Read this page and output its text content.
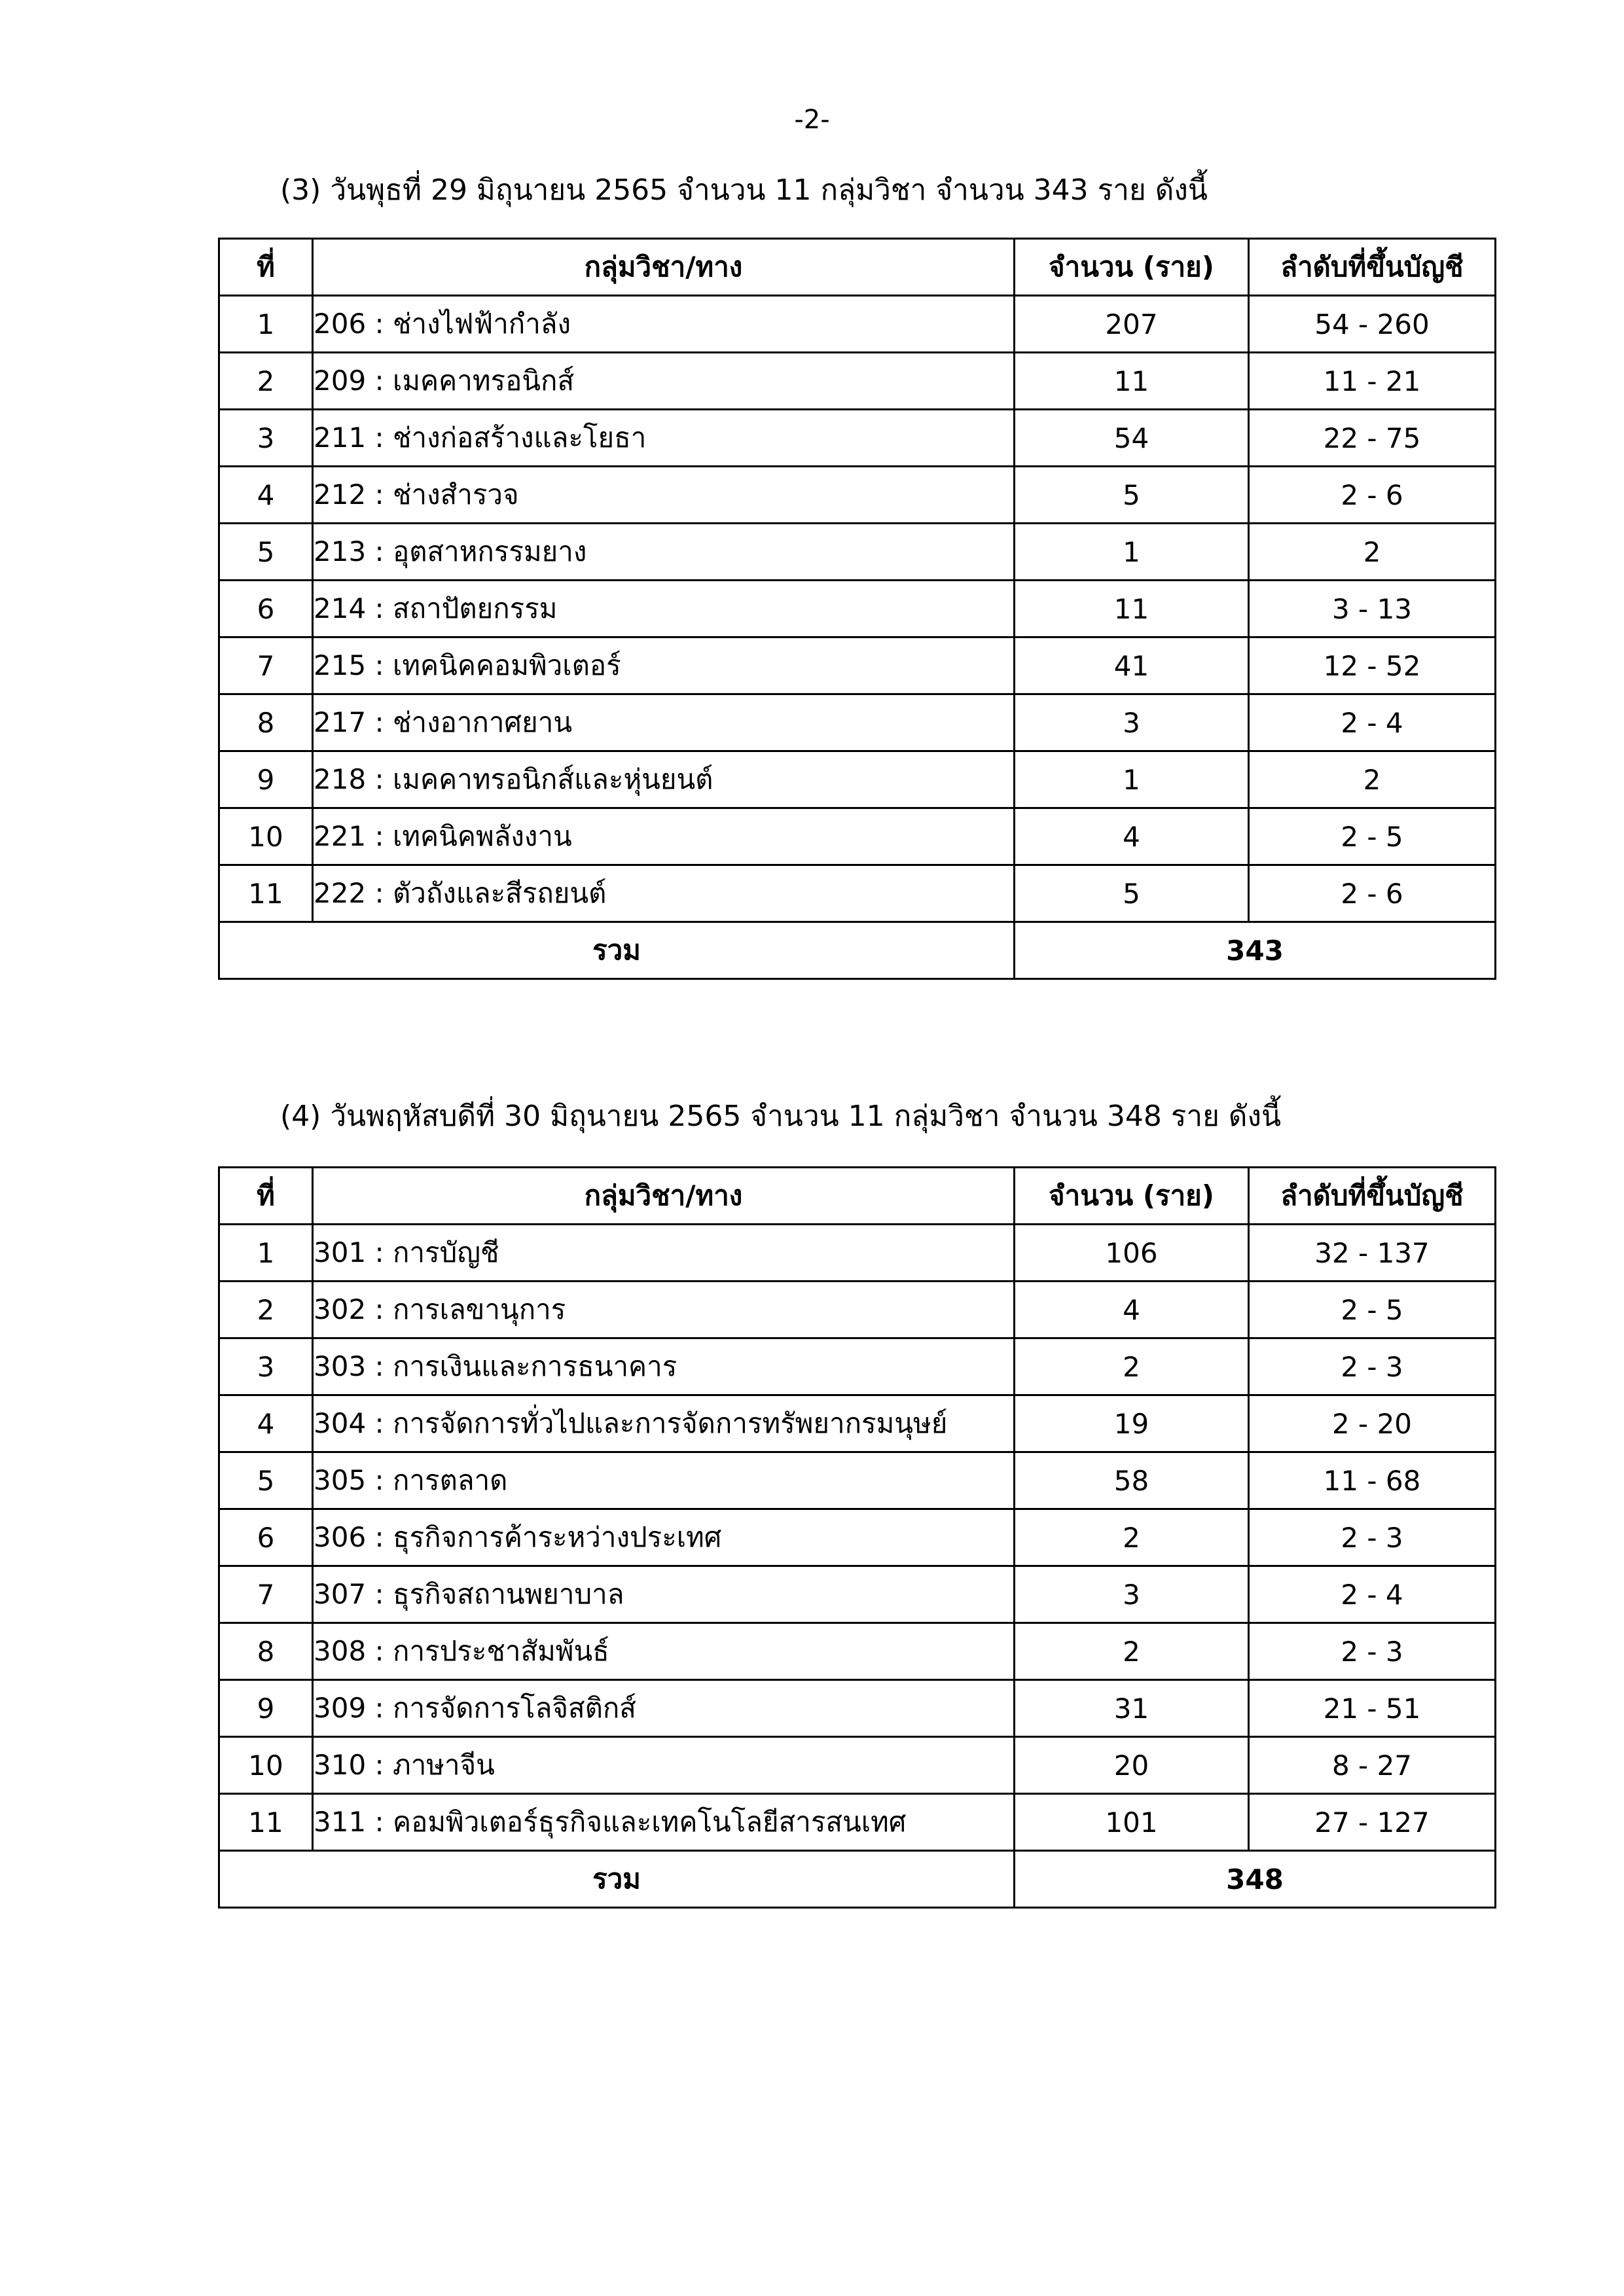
-2-
(3) วันพุธที่ 29 มิถุนายน 2565 จำนวน 11 กลุ่มวิชา จำนวน 343 ราย ดังนี้
ที่	กลุ่มวิชา/ทาง	จำนวน (ราย)	ลำดับที่ขึ้นบัญชี
1	206 : ช่างไฟฟ้ากำลัง	207	54 - 260
2	209 : เมคคาทรอนิกส์	11	11 - 21
3	211 : ช่างก่อสร้างและโยธา	54	22 - 75
4	212 : ช่างสำรวจ	5	2 - 6
5	213 : อุตสาหกรรมยาง	1	2
6	214 : สถาปัตยกรรม	11	3 - 13
7	215 : เทคนิคคอมพิวเตอร์	41	12 - 52
8	217 : ช่างอากาศยาน	3	2 - 4
9	218 : เมคคาทรอนิกส์และหุ่นยนต์	1	2
10	221 : เทคนิคพลังงาน	4	2 - 5
11	222 : ตัวถังและสีรถยนต์	5	2 - 6
รวม		343	
(4) วันพฤหัสบดีที่ 30 มิถุนายน 2565 จำนวน 11 กลุ่มวิชา จำนวน 348 ราย ดังนี้
ที่	กลุ่มวิชา/ทาง	จำนวน (ราย)	ลำดับที่ขึ้นบัญชี
1	301 : การบัญชี	106	32 - 137
2	302 : การเลขานุการ	4	2 - 5
3	303 : การเงินและการธนาคาร	2	2 - 3
4	304 : การจัดการทั่วไปและการจัดการทรัพยากรมนุษย์	19	2 - 20
5	305 : การตลาด	58	11 - 68
6	306 : ธุรกิจการค้าระหว่างประเทศ	2	2 - 3
7	307 : ธุรกิจสถานพยาบาล	3	2 - 4
8	308 : การประชาสัมพันธ์	2	2 - 3
9	309 : การจัดการโลจิสติกส์	31	21 - 51
10	310 : ภาษาจีน	20	8 - 27
11	311 : คอมพิวเตอร์ธุรกิจและเทคโนโลยีสารสนเทศ	101	27 - 127
รวม		348	
